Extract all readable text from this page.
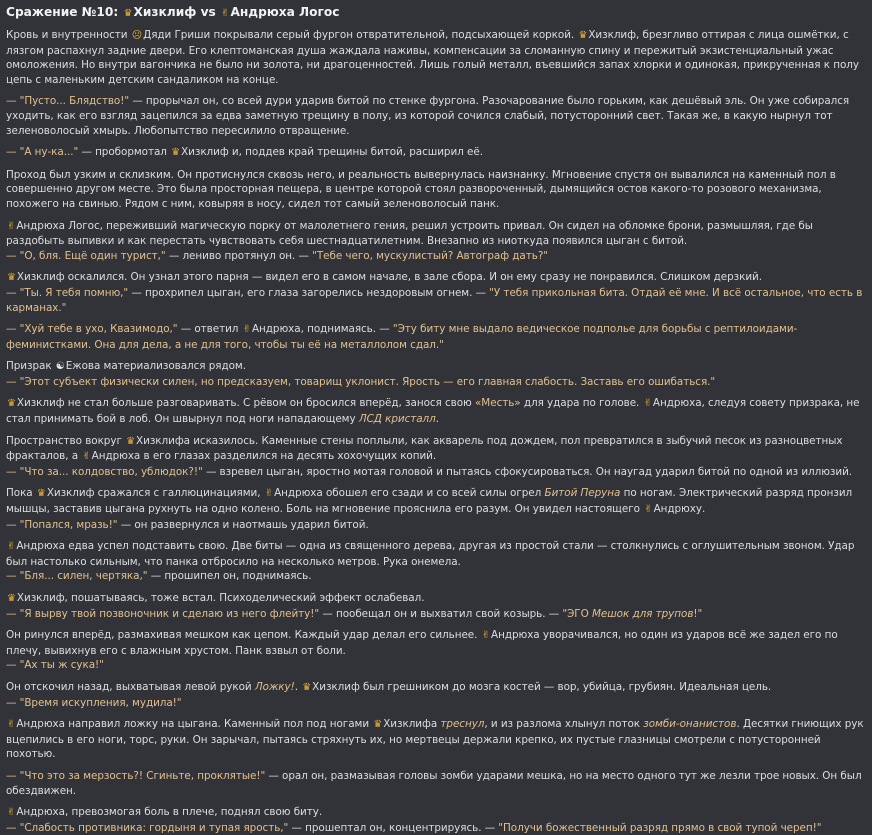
Сражение №10: ♛Хизклиф vs ✌Андрюха Логос
Кровь и внутренности ☹Дяди Гриши покрывали серый фургон отвратительной, подсыхающей коркой. ♛Хизклиф, брезгливо оттирая с лица ошмётки, с лязгом распахнул задние двери. Его клептоманская душа жаждала наживы, компенсации за сломанную спину и пережитый экзистенциальный ужас омоложения. Но внутри вагончика не было ни золота, ни драгоценностей. Лишь голый металл, въевшийся запах хлорки и одинокая, прикрученная к полу цепь с маленьким детским сандаликом на конце.
— "Пусто... Блядство!" — прорычал он, со всей дури ударив битой по стенке фургона. Разочарование было горьким, как дешёвый эль. Он уже собирался уходить, как его взгляд зацепился за едва заметную трещину в полу, из которой сочился слабый, потусторонний свет. Такая же, в какую нырнул тот зеленоволосый хмырь. Любопытство пересилило отвращение.
— "А ну-ка..." — пробормотал ♛Хизклиф и, поддев край трещины битой, расширил её.
Проход был узким и склизким. Он протиснулся сквозь него, и реальность вывернулась наизнанку. Мгновение спустя он вывалился на каменный пол в совершенно другом месте. Это была просторная пещера, в центре которой стоял развороченный, дымящийся остов какого-то розового механизма, похожего на свинью. Рядом с ним, ковыряя в носу, сидел тот самый зеленоволосый панк.
✌Андрюха Логос, переживший магическую порку от малолетнего гения, решил устроить привал. Он сидел на обломке брони, размышляя, где бы раздобыть выпивки и как перестать чувствовать себя шестнадцатилетним. Внезапно из ниоткуда появился цыган с битой.
— "О, бля. Ещё один турист," — лениво протянул он. — "Тебе чего, мускулистый? Автограф дать?"
♛Хизклиф оскалился. Он узнал этого парня — видел его в самом начале, в зале сбора. И он ему сразу не понравился. Слишком дерзкий.
— "Ты. Я тебя помню," — прохрипел цыган, его глаза загорелись нездоровым огнем. — "У тебя прикольная бита. Отдай её мне. И всё остальное, что есть в карманах."
— "Хуй тебе в ухо, Квазимодо," — ответил ✌Андрюха, поднимаясь. — "Эту биту мне выдало ведическое подполье для борьбы с рептилоидами-феминистками. Она для дела, а не для того, чтобы ты её на металлолом сдал."
Призрак ☯Ежова материализовался рядом.
— "Этот субъект физически силен, но предсказуем, товарищ уклонист. Ярость — его главная слабость. Заставь его ошибаться."
♛Хизклиф не стал больше разговаривать. С рёвом он бросился вперёд, занося свою «Месть» для удара по голове. ✌Андрюха, следуя совету призрака, не стал принимать бой в лоб. Он швырнул под ноги нападающему ЛСД кристалл.
Пространство вокруг ♛Хизклифа исказилось. Каменные стены поплыли, как акварель под дождем, пол превратился в зыбучий песок из разноцветных фракталов, а ✌Андрюха в его глазах разделился на десять хохочущих копий.
— "Что за... колдовство, ублюдок?!" — взревел цыган, яростно мотая головой и пытаясь сфокусироваться. Он наугад ударил битой по одной из иллюзий.
Пока ♛Хизклиф сражался с галлюцинациями, ✌Андрюха обошел его сзади и со всей силы огрел Битой Перуна по ногам. Электрический разряд пронзил мышцы, заставив цыгана рухнуть на одно колено. Боль на мгновение прояснила его разум. Он увидел настоящего ✌Андрюху.
— "Попался, мразь!" — он развернулся и наотмашь ударил битой.
✌Андрюха едва успел подставить свою. Две биты — одна из священного дерева, другая из простой стали — столкнулись с оглушительным звоном. Удар был настолько сильным, что панка отбросило на несколько метров. Рука онемела.
— "Бля... силен, чертяка," — прошипел он, поднимаясь.
♛Хизклиф, пошатываясь, тоже встал. Психоделический эффект ослабевал.
— "Я вырву твой позвоночник и сделаю из него флейту!" — пообещал он и выхватил свой козырь. — "ЭГО Мешок для трупов!"
Он ринулся вперёд, размахивая мешком как цепом. Каждый удар делал его сильнее. ✌Андрюха уворачивался, но один из ударов всё же задел его по плечу, вывихнув его с влажным хрустом. Панк взвыл от боли.
— "Ах ты ж сука!"
Он отскочил назад, выхватывая левой рукой Ложку!. ♛Хизклиф был грешником до мозга костей — вор, убийца, грубиян. Идеальная цель.
— "Время искупления, мудила!"
✌Андрюха направил ложку на цыгана. Каменный пол под ногами ♛Хизклифа треснул, и из разлома хлынул поток зомби-онанистов. Десятки гниющих рук вцепились в его ноги, торс, руки. Он зарычал, пытаясь стряхнуть их, но мертвецы держали крепко, их пустые глазницы смотрели с потусторонней похотью.
— "Что это за мерзость?! Сгиньте, проклятые!" — орал он, размазывая головы зомби ударами мешка, но на место одного тут же лезли трое новых. Он был обездвижен.
✌Андрюха, превозмогая боль в плече, поднял свою биту.
— "Слабость противника: гордыня и тупая ярость," — прошептал он, концентрируясь. — "Получи божественный разряд прямо в свой тупой череп!"
